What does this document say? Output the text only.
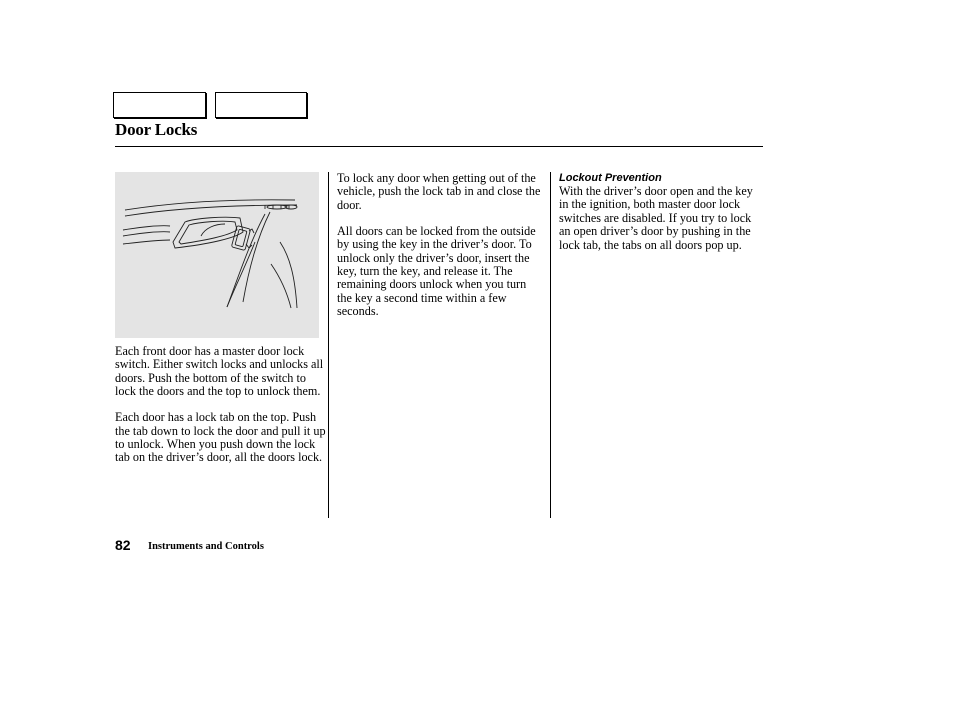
Door Locks

Each front door has a master door lock switch. Either switch locks and unlocks all doors. Push the bottom of the switch to lock the doors and the top to unlock them.

Each door has a lock tab on the top. Push the tab down to lock the door and pull it up to unlock. When you push down the lock tab on the driver’s door, all the doors lock.

To lock any door when getting out of the vehicle, push the lock tab in and close the door.

All doors can be locked from the outside by using the key in the driver’s door. To unlock only the driver’s door, insert the key, turn the key, and release it. The remaining doors unlock when you turn the key a second time within a few seconds.

Lockout Prevention

With the driver’s door open and the key in the ignition, both master door lock switches are disabled. If you try to lock an open driver’s door by pushing in the lock tab, the tabs on all doors pop up.

82 Instruments and Controls
